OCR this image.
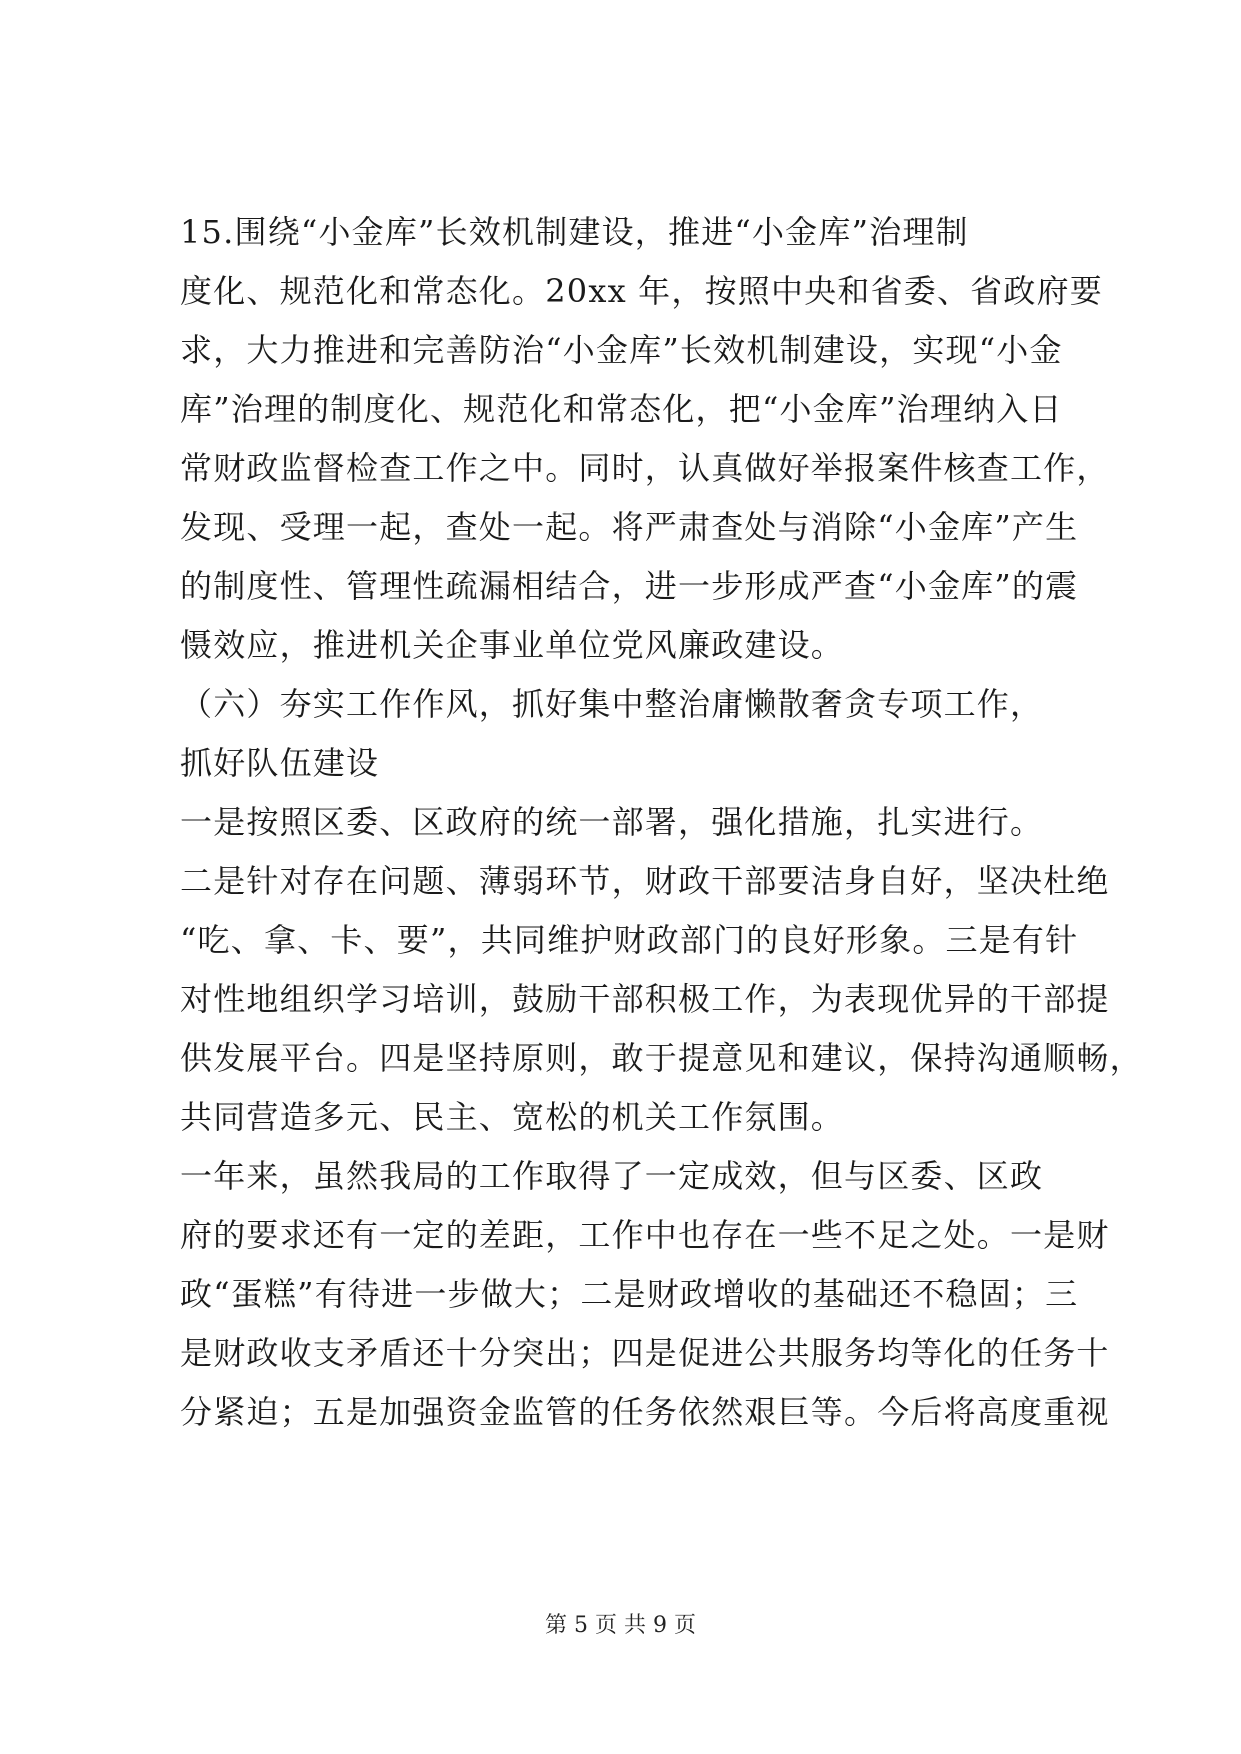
15.围绕“小金库”长效机制建设，推进“小金库”治理制
度化、规范化和常态化。20xx 年，按照中央和省委、省政府要
求，大力推进和完善防治“小金库”长效机制建设，实现“小金
库”治理的制度化、规范化和常态化，把“小金库”治理纳入日
常财政监督检查工作之中。同时，认真做好举报案件核查工作，
发现、受理一起，查处一起。将严肃查处与消除“小金库”产生
的制度性、管理性疏漏相结合，进一步形成严查“小金库”的震
慑效应，推进机关企事业单位党风廉政建设。
（六）夯实工作作风，抓好集中整治庸懒散奢贪专项工作，
抓好队伍建设
一是按照区委、区政府的统一部署，强化措施，扎实进行。
二是针对存在问题、薄弱环节，财政干部要洁身自好，坚决杜绝
“吃、拿、卡、要”，共同维护财政部门的良好形象。三是有针
对性地组织学习培训，鼓励干部积极工作，为表现优异的干部提
供发展平台。四是坚持原则，敢于提意见和建议，保持沟通顺畅，
共同营造多元、民主、宽松的机关工作氛围。
一年来，虽然我局的工作取得了一定成效，但与区委、区政
府的要求还有一定的差距，工作中也存在一些不足之处。一是财
政“蛋糕”有待进一步做大；二是财政增收的基础还不稳固；三
是财政收支矛盾还十分突出；四是促进公共服务均等化的任务十
分紧迫；五是加强资金监管的任务依然艰巨等。今后将高度重视
第 5 页 共 9 页
